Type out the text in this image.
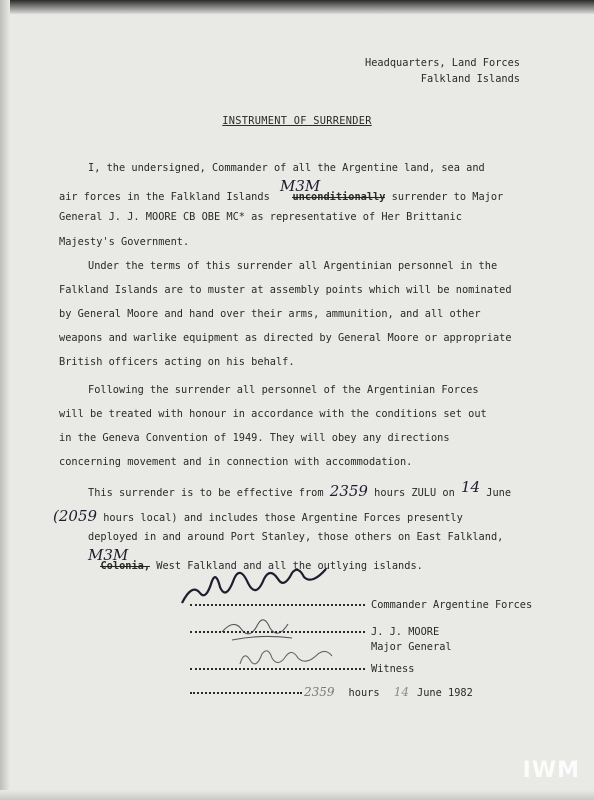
Headquarters, Land Forces
Falkland Islands
INSTRUMENT OF SURRENDER
I, the undersigned, Commander of all the Argentine land, sea and
air forces in the Falkland Islands M3M unconditionally surrender to Major
General J. J. MOORE CB OBE MC* as representative of Her Brittanic
Majesty's Government.
Under the terms of this surrender all Argentinian personnel in the
Falkland Islands are to muster at assembly points which will be nominated
by General Moore and hand over their arms, ammunition, and all other
weapons and warlike equipment as directed by General Moore or appropriate
British officers acting on his behalf.
Following the surrender all personnel of the Argentinian Forces
will be treated with honour in accordance with the conditions set out
in the Geneva Convention of 1949. They will obey any directions
concerning movement and in connection with accommodation.
This surrender is to be effective from 2359 hours ZULU on 14 June
(2059 hours local) and includes those Argentine Forces presently
deployed in and around Port Stanley, those others on East Falkland,
M3M Colonia, West Falkland and all the outlying islands.
Commander Argentine Forces
J. J. MOORE
Major General
Witness
2359 hours 14 June 1982
IWM
